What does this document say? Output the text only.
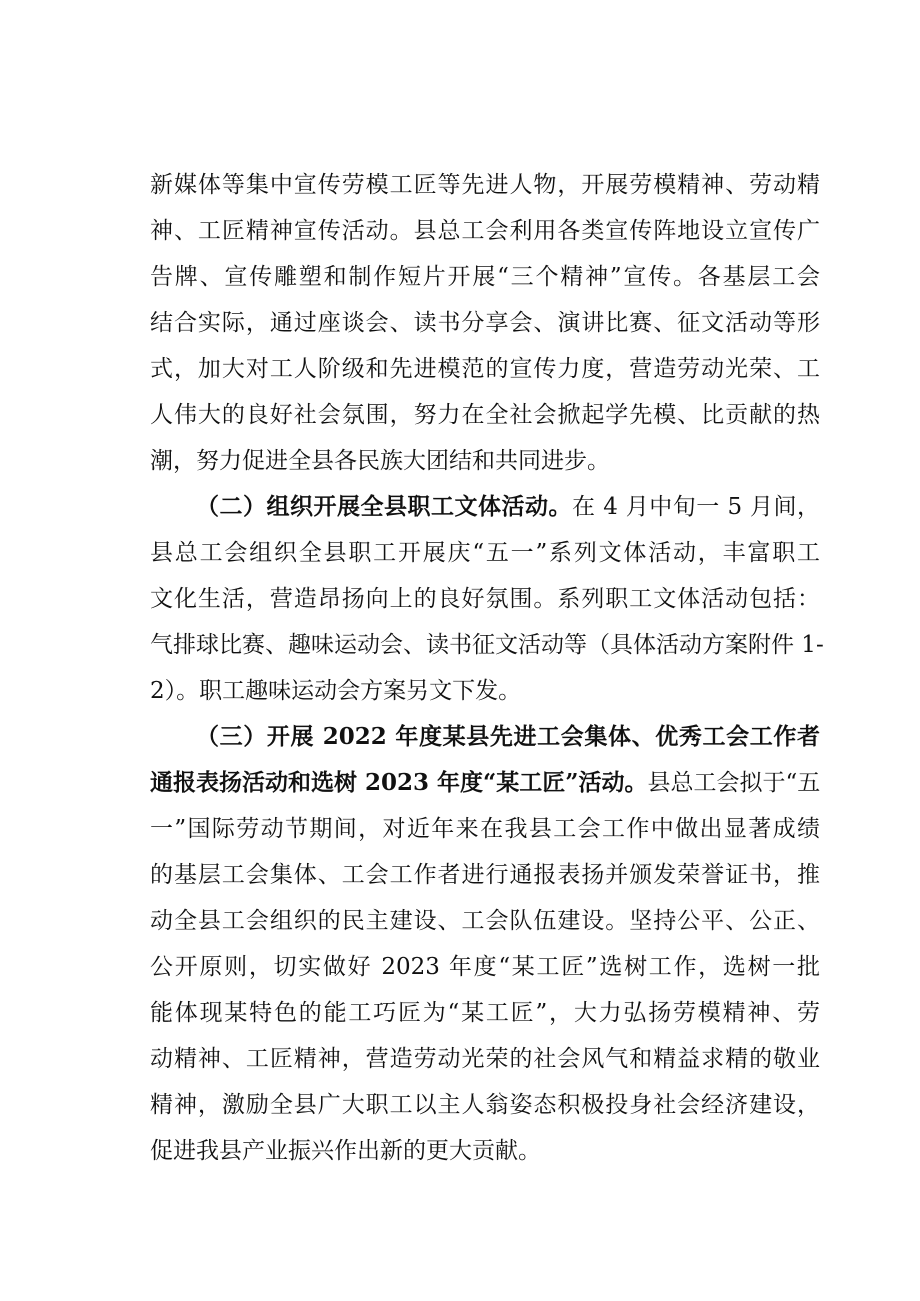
新媒体等集中宣传劳模工匠等先进人物，开展劳模精神、劳动精
神、工匠精神宣传活动。县总工会利用各类宣传阵地设立宣传广
告牌、宣传雕塑和制作短片开展“三个精神”宣传。各基层工会
结合实际，通过座谈会、读书分享会、演讲比赛、征文活动等形
式，加大对工人阶级和先进模范的宣传力度，营造劳动光荣、工
人伟大的良好社会氛围，努力在全社会掀起学先模、比贡献的热
潮，努力促进全县各民族大团结和共同进步。
（二）组织开展全县职工文体活动。在 4 月中旬一 5 月间，
县总工会组织全县职工开展庆“五一”系列文体活动，丰富职工
文化生活，营造昂扬向上的良好氛围。系列职工文体活动包括：
气排球比赛、趣味运动会、读书征文活动等（具体活动方案附件 1-
2）。职工趣味运动会方案另文下发。
（三）开展 2022 年度某县先进工会集体、优秀工会工作者
通报表扬活动和选树 2023 年度“某工匠”活动。县总工会拟于“五
一”国际劳动节期间，对近年来在我县工会工作中做出显著成绩
的基层工会集体、工会工作者进行通报表扬并颁发荣誉证书，推
动全县工会组织的民主建设、工会队伍建设。坚持公平、公正、
公开原则，切实做好 2023 年度“某工匠”选树工作，选树一批
能体现某特色的能工巧匠为“某工匠”，大力弘扬劳模精神、劳
动精神、工匠精神，营造劳动光荣的社会风气和精益求精的敬业
精神，激励全县广大职工以主人翁姿态积极投身社会经济建设，
促进我县产业振兴作出新的更大贡献。
